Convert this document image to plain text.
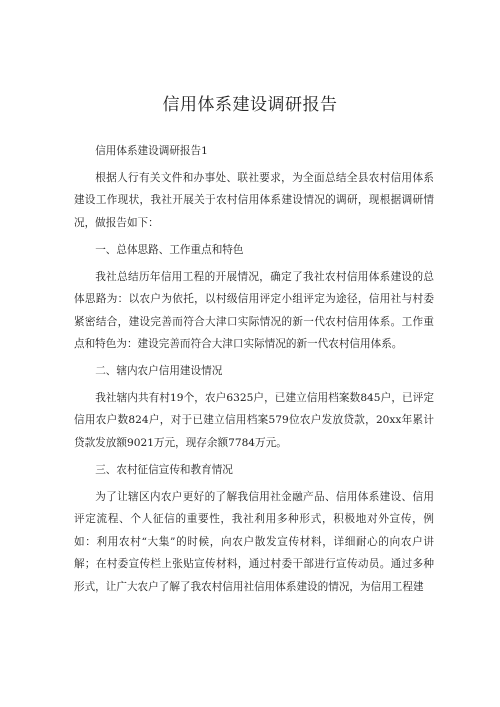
信用体系建设调研报告

信用体系建设调研报告1

根据人行有关文件和办事处、联社要求，为全面总结全县农村信用体系建设工作现状，我社开展关于农村信用体系建设情况的调研，现根据调研情况，做报告如下：

一、总体思路、工作重点和特色

我社总结历年信用工程的开展情况，确定了我社农村信用体系建设的总体思路为：以农户为依托，以村级信用评定小组评定为途径，信用社与村委紧密结合，建设完善而符合大津口实际情况的新一代农村信用体系。工作重点和特色为：建设完善而符合大津口实际情况的新一代农村信用体系。

二、辖内农户信用建设情况

我社辖内共有村19个，农户6325户，已建立信用档案数845户，已评定信用农户数824户，对于已建立信用档案579位农户发放贷款，20xx年累计贷款发放额9021万元，现存余额7784万元。

三、农村征信宣传和教育情况

为了让辖区内农户更好的了解我信用社金融产品、信用体系建设、信用评定流程、个人征信的重要性，我社利用多种形式，积极地对外宣传，例如：利用农村“大集”的时候，向农户散发宣传材料，详细耐心的向农户讲解；在村委宣传栏上张贴宣传材料，通过村委干部进行宣传动员。通过多种形式，让广大农户了解了我农村信用社信用体系建设的情况，为信用工程建
